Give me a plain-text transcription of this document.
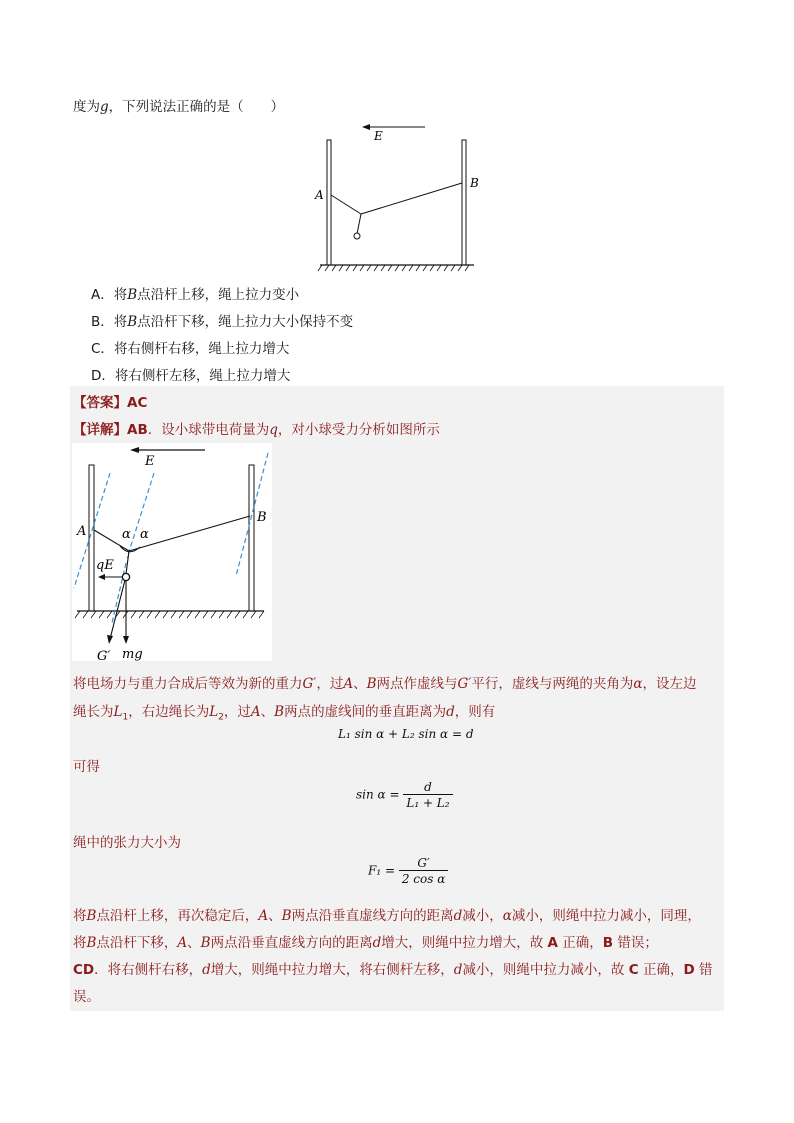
度为g，下列说法正确的是（　　）
E
A
B
A．将B点沿杆上移，绳上拉力变小
B．将B点沿杆下移，绳上拉力大小保持不变
C．将右侧杆右移，绳上拉力增大
D．将右侧杆左移，绳上拉力增大
【答案】AC
【详解】AB．设小球带电荷量为q，对小球受力分析如图所示
E
A
B
α α
qE
G′ mg
将电场力与重力合成后等效为新的重力G′，过A、B两点作虚线与G′平行，虚线与两绳的夹角为α，设左边
绳长为$L_1$，右边绳长为$L_2$，过A、B两点的虚线间的垂直距离为d，则有
L₁ sin α + L₂ sin α = d
可得
$\sin \alpha = \frac{d}{\text{L₁ + L₂}}$
绳中的张力大小为
$F_1 = \frac{G'}{\text{2 cos α}}$
将B点沿杆上移，再次稳定后，A、B两点沿垂直虚线方向的距离d减小，α减小，则绳中拉力减小，同理，
将B点沿杆下移，A、B两点沿垂直虚线方向的距离d增大，则绳中拉力增大，故 A 正确，B 错误；
CD．将右侧杆右移，d增大，则绳中拉力增大，将右侧杆左移，d减小，则绳中拉力减小，故 C 正确，D 错
误。
